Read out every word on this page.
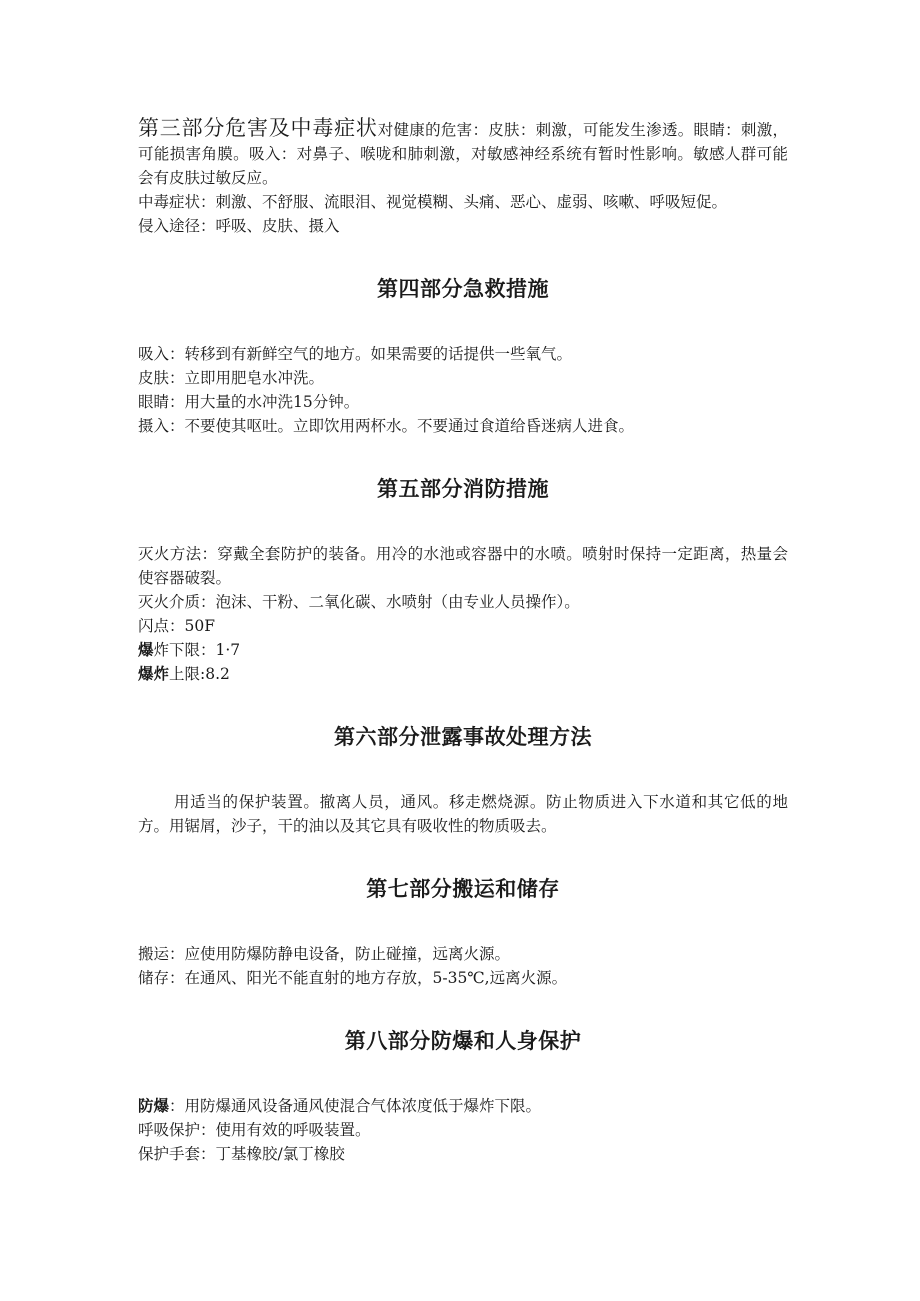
第三部分危害及中毒症状对健康的危害：皮肤：刺激，可能发生渗透。眼睛：刺激，可能损害角膜。吸入：对鼻子、喉咙和肺刺激，对敏感神经系统有暂时性影响。敏感人群可能会有皮肤过敏反应。

中毒症状：刺激、不舒服、流眼泪、视觉模糊、头痛、恶心、虚弱、咳嗽、呼吸短促。

侵入途径：呼吸、皮肤、摄入

第四部分急救措施

吸入：转移到有新鲜空气的地方。如果需要的话提供一些氧气。

皮肤：立即用肥皂水冲洗。

眼睛：用大量的水冲洗15分钟。

摄入：不要使其呕吐。立即饮用两杯水。不要通过食道给昏迷病人进食。

第五部分消防措施

灭火方法：穿戴全套防护的装备。用冷的水池或容器中的水喷。喷射时保持一定距离，热量会使容器破裂。

灭火介质：泡沫、干粉、二氧化碳、水喷射（由专业人员操作）。

闪点：50F

爆炸下限：1·7

爆炸上限:8.2

第六部分泄露事故处理方法

用适当的保护装置。撤离人员，通风。移走燃烧源。防止物质进入下水道和其它低的地方。用锯屑，沙子，干的油以及其它具有吸收性的物质吸去。

第七部分搬运和储存

搬运：应使用防爆防静电设备，防止碰撞，远离火源。

储存：在通风、阳光不能直射的地方存放，5-35℃,远离火源。

第八部分防爆和人身保护

防爆：用防爆通风设备通风使混合气体浓度低于爆炸下限。

呼吸保护：使用有效的呼吸装置。

保护手套：丁基橡胶/氯丁橡胶
